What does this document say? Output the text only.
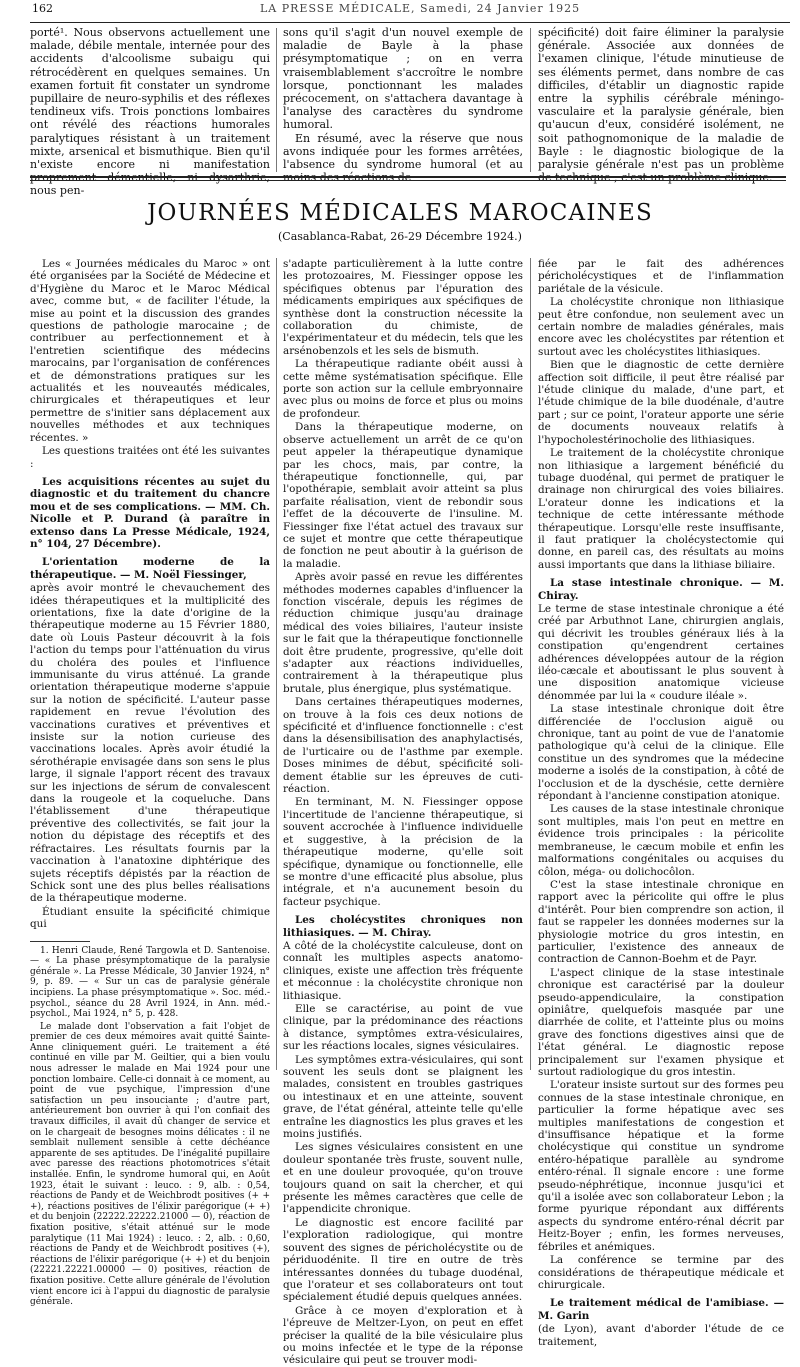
162	LA PRESSE MÉDICALE, Samedi, 24 Janvier 1925

porté¹. Nous observons actuellement une malade, débile mentale, internée pour des accidents d'alcoolisme subaigu qui rétrocédèrent en quelques semaines. Un examen fortuit fit constater un syndrome pupillaire de neuro-syphilis et des réflexes tendineux vifs. Trois ponctions lombaires ont révélé des réactions humorales paralytiques résistant à un traitement mixte, arsenical et bismuthique. Bien qu'il n'existe encore ni manifestation nous pen-

sons qu'il s'agit d'un nouvel exemple de maladie de Bayle à la phase présymptomatique ; on en verra vraisemblablement s'accroître le nombre lorsque, ponctionnant les malades précocement, on s'attachera davantage à l'analyse des caractères du syndrome humoral.

En résumé, avec la réserve que nous avons indiquée pour les formes arrêtées, l'absence du syndrome humoral (et au

spécificité) doit faire éliminer la paralysie générale. Associée aux données de l'examen clinique, l'étude minutieuse de ses éléments permet, dans nombre de cas difficiles, d'établir un diagnostic rapide entre la syphilis cérébrale méningo-vasculaire et la paralysie générale, bien qu'aucun d'eux, considéré isolément, ne soit pathognomonique de la maladie de Bayle : le diagnostic biologique de la paralysie générale n'est pas un problème

JOURNÉES MÉDICALES MAROCAINES
(Casablanca-Rabat, 26-29 Décembre 1924.)

Les « Journées médicales du Maroc » ont été organisées par la Société de Médecine et d'Hygiène du Maroc et le Maroc Médical avec, comme but, « de faciliter l'étude, la mise au point et la discussion des grandes questions de pathologie marocaine ; de contribuer au perfectionnement et à l'entretien scientifique des médecins marocains, par l'organisation de conférences et de démonstrations pratiques sur les actualités et les nouveautés médicales, chirurgicales et thérapeutiques et leur permettre de s'initier sans déplacement aux nouvelles méthodes et aux techniques récentes. »

Les questions traitées ont été les suivantes :

Les acquisitions récentes au sujet du diagnostic et du traitement du chancre mou et de ses complications. — MM. Ch. Nicolle et P. Durand (à paraître in extenso dans La Presse Médicale, 1924, n° 104, 27 Décembre).
L'orientation moderne de la thérapeutique. — M. Noël Fiessinger,

après avoir montré le chevauchement des idées thérapeutiques et la multiplicité des orientations, fixe la date d'origine de la thérapeutique moderne au 15 Février 1880, date où Louis Pasteur découvrit à la fois l'action du temps pour l'atténuation du virus du choléra des poules et l'influence immunisante du virus atténué. La grande orientation thérapeutique moderne s'appuie sur la notion de spécificité. L'auteur passe rapidement en revue l'évolution des vaccinations curatives et préventives et insiste sur la notion curieuse des vaccinations locales. Après avoir étudié la sérothérapie envisagée dans son sens le plus large, il signale l'apport récent des travaux sur les injections de sérum de convalescent dans la rougeole et la coqueluche. Dans l'établissement d'une thérapeutique préventive des collectivités, se fait jour la notion du dépistage des réceptifs et des réfractaires. Les résultats fournis par la vaccination à l'anatoxine diphtérique des sujets réceptifs dépistés par la réaction de Schick sont une des plus belles réalisations de la thérapeutique moderne.

Étudiant ensuite la spécificité chimique qui

1. Henri Claude, René Targowla et D. Santenoise. — « La phase présymptomatique de la paralysie générale ». La Presse Médicale, 30 Janvier 1924, n° 9, p. 89. — « Sur un cas de paralysie générale incipiens. La phase présymptomatique ». Soc. méd.-psychol., séance du 28 Avril 1924, in Ann. méd.-psychol., Mai 1924, n° 5, p. 428.

Le malade dont l'observation a fait l'objet de premier de ces deux mémoires avait quitté Sainte-Anne cliniquement guéri. Le traitement a été continué en ville par M. Geiltier, qui a bien voulu nous adresser le malade en Mai 1924 pour une ponction lombaire. Celle-ci donnait à ce moment, au point de vue psychique, l'impression d'une satisfaction un peu insouciante ; d'autre part, antérieurement bon ouvrier à qui l'on confiait des travaux difficiles, il avait dû changer de service et on le chargeait de besognes moins délicates : il ne semblait nullement sensible à cette déchéance apparente de ses aptitudes. De l'inégalité pupillaire avec paresse des réactions photomotrices s'était installée. Enfin, le syndrome humoral qui, en Août 1923, était le suivant : leuco. : 9, alb. : 0,54, réactions de Pandy et de Weichbrodt positives (+ + +), réactions positives de l'élixir parégorique (+ +) et du benjoin (22222.22222.21000 — 0), réaction de fixation positive, s'était atténué sur le mode paralytique (11 Mai 1924) : leuco. : 2, alb. : 0,60, réactions de Pandy et de Weichbrodt positives (+), réactions de l'élixir parégorique (+ +) et du benjoin (22221.22221.00000 — 0) positives, réaction de fixation positive. Cette allure générale de l'évolution vient encore ici à l'appui du diagnostic de paralysie générale.

s'adapte particulièrement à la lutte contre les protozoaires, M. Fiessinger oppose les spécifiques obtenus par l'épuration des médicaments empiriques aux spécifiques de synthèse dont la construction nécessite la collaboration du chimiste, de l'expérimentateur et du médecin, tels que les arsénobenzols et les sels de bismuth.

La thérapeutique radiante obéit aussi à cette même systématisation spécifique. Elle porte son action sur la cellule embryonnaire avec plus ou moins de force et plus ou moins de profondeur.

Dans la thérapeutique moderne, on observe actuellement un arrêt de ce qu'on peut appeler la thérapeutique dynamique par les chocs, mais, par contre, la thérapeutique fonctionnelle, qui, par l'opothérapie, semblait avoir atteint sa plus parfaite réalisation, vient de rebondir sous l'effet de la découverte de l'insuline. M. Fiessinger fixe l'état actuel des travaux sur ce sujet et montre que cette thérapeutique de fonction ne peut aboutir à la guérison de la maladie.

Après avoir passé en revue les différentes méthodes modernes capables d'influencer la fonction viscérale, depuis les régimes de réduction chimique jusqu'au drainage médical des voies biliaires, l'auteur insiste sur le fait que la thérapeutique fonctionnelle doit être prudente, progressive, qu'elle doit s'adapter aux réactions individuelles, contrairement à la thérapeutique plus brutale, plus énergique, plus systématique.

Dans certaines thérapeutiques modernes, on trouve à la fois ces deux notions de spécificité et d'influence fonctionnelle : c'est dans la désensibilisation des anaphylactisés, de l'urticaire ou de l'asthme par exemple. Doses minimes de début, spécificité solidement établie sur les épreuves de cuti-réaction.

En terminant, M. N. Fiessinger oppose l'incertitude de l'ancienne thérapeutique, si souvent accrochée à l'influence individuelle et suggestive, à la précision de la thérapeutique moderne, qu'elle soit spécifique, dynamique ou fonctionnelle, elle se montre d'une efficacité plus absolue, plus intégrale, et n'a aucunement besoin du facteur psychique.

Les cholécystites chroniques non lithiasiques. — M. Chiray.

A côté de la cholécystite calculeuse, dont on connaît les multiples aspects anatomo-cliniques, existe une affection très fréquente et méconnue : la cholécystite chronique non lithiasique.

Elle se caractérise, au point de vue clinique, par la prédominance des réactions à distance, symptômes extra-vésiculaires, sur les réactions locales, signes vésiculaires.

Les symptômes extra-vésiculaires, qui sont souvent les seuls dont se plaignent les malades, consistent en troubles gastriques ou intestinaux et en une atteinte, souvent grave, de l'état général, atteinte telle qu'elle entraîne les diagnostics les plus graves et les moins justifiés.

Les signes vésiculaires consistent en une douleur spontanée très fruste, souvent nulle, et en une douleur provoquée, qu'on trouve toujours quand on sait la chercher, et qui présente les mêmes caractères que celle de l'appendicite chronique.

Le diagnostic est encore facilité par l'exploration radiologique, qui montre souvent des signes de péricholécystite ou de périduodénite. Il tire en outre de très intéressantes données du tubage duodénal, que l'orateur et ses collaborateurs ont tout spécialement étudié depuis quelques années.

Grâce à ce moyen d'exploration et à l'épreuve de Meltzer-Lyon, on peut en effet préciser la qualité de la bile vésiculaire plus ou moins infectée et le type de la réponse vésiculaire qui peut se trouver modi-

fiée par le fait des adhérences péricholécystiques et de l'inflammation pariétale de la vésicule.

La cholécystite chronique non lithiasique peut être confondue, non seulement avec un certain nombre de maladies générales, mais encore avec les cholécystites par rétention et surtout avec les cholécystites lithiasiques.

Bien que le diagnostic de cette dernière affection soit difficile, il peut être réalisé par l'étude clinique du malade, d'une part, et l'étude chimique de la bile duodénale, d'autre part ; sur ce point, l'orateur apporte une série de documents nouveaux relatifs à l'hypocholestérinocholie des lithiasiques.

Le traitement de la cholécystite chronique non lithiasique a largement bénéficié du tubage duodénal, qui permet de pratiquer le drainage non chirurgical des voies biliaires. L'orateur donne les indications et la technique de cette intéressante méthode thérapeutique. Lorsqu'elle reste insuffisante, il faut pratiquer la cholécystectomie qui donne, en pareil cas, des résultats au moins aussi importants que dans la lithiase biliaire.

La stase intestinale chronique. — M. Chiray.

Le terme de stase intestinale chronique a été créé par Arbuthnot Lane, chirurgien anglais, qui décrivit les troubles généraux liés à la constipation qu'engendrent certaines adhérences développées autour de la région iléo-cæcale et aboutissant le plus souvent à une disposition anatomique vicieuse dénommée par lui la « coudure iléale ».

La stase intestinale chronique doit être différenciée de l'occlusion aiguë ou chronique, tant au point de vue de l'anatomie pathologique qu'à celui de la clinique. Elle constitue un des syndromes que la médecine moderne a isolés de la constipation, à côté de l'occlusion et de la dyschésie, cette dernière répondant à l'ancienne constipation atonique.

Les causes de la stase intestinale chronique sont multiples, mais l'on peut en mettre en évidence trois principales : la péricolite membraneuse, le cæcum mobile et enfin les malformations congénitales ou acquises du côlon, méga- ou dolichocôlon.

C'est la stase intestinale chronique en rapport avec la péricolite qui offre le plus d'intérêt. Pour bien comprendre son action, il faut se rappeler les données modernes sur la physiologie motrice du gros intestin, en particulier, l'existence des anneaux de contraction de Cannon-Boehm et de Payr.

L'aspect clinique de la stase intestinale chronique est caractérisé par la douleur pseudo-appendiculaire, la constipation opiniâtre, quelquefois masquée par une diarrhée de colite, et l'atteinte plus ou moins grave des fonctions digestives ainsi que de l'état général. Le diagnostic repose principalement sur l'examen physique et surtout radiologique du gros intestin.

L'orateur insiste surtout sur des formes peu connues de la stase intestinale chronique, en particulier la forme hépatique avec ses multiples manifestations de congestion et d'insuffisance hépatique et la forme cholécystique qui constitue un syndrome entéro-hépatique parallèle au syndrome entéro-rénal. Il signale encore : une forme pseudo-néphrétique, inconnue jusqu'ici et qu'il a isolée avec son collaborateur Lebon ; la forme pyurique répondant aux différents aspects du syndrome entéro-rénal décrit par Heitz-Boyer ; enfin, les formes nerveuses, fébriles et anémiques.

La conférence se termine par des considérations de thérapeutique médicale et chirurgicale.

Le traitement médical de l'amibiase. — M. Garin

(de Lyon), avant d'aborder l'étude de ce traitement,
